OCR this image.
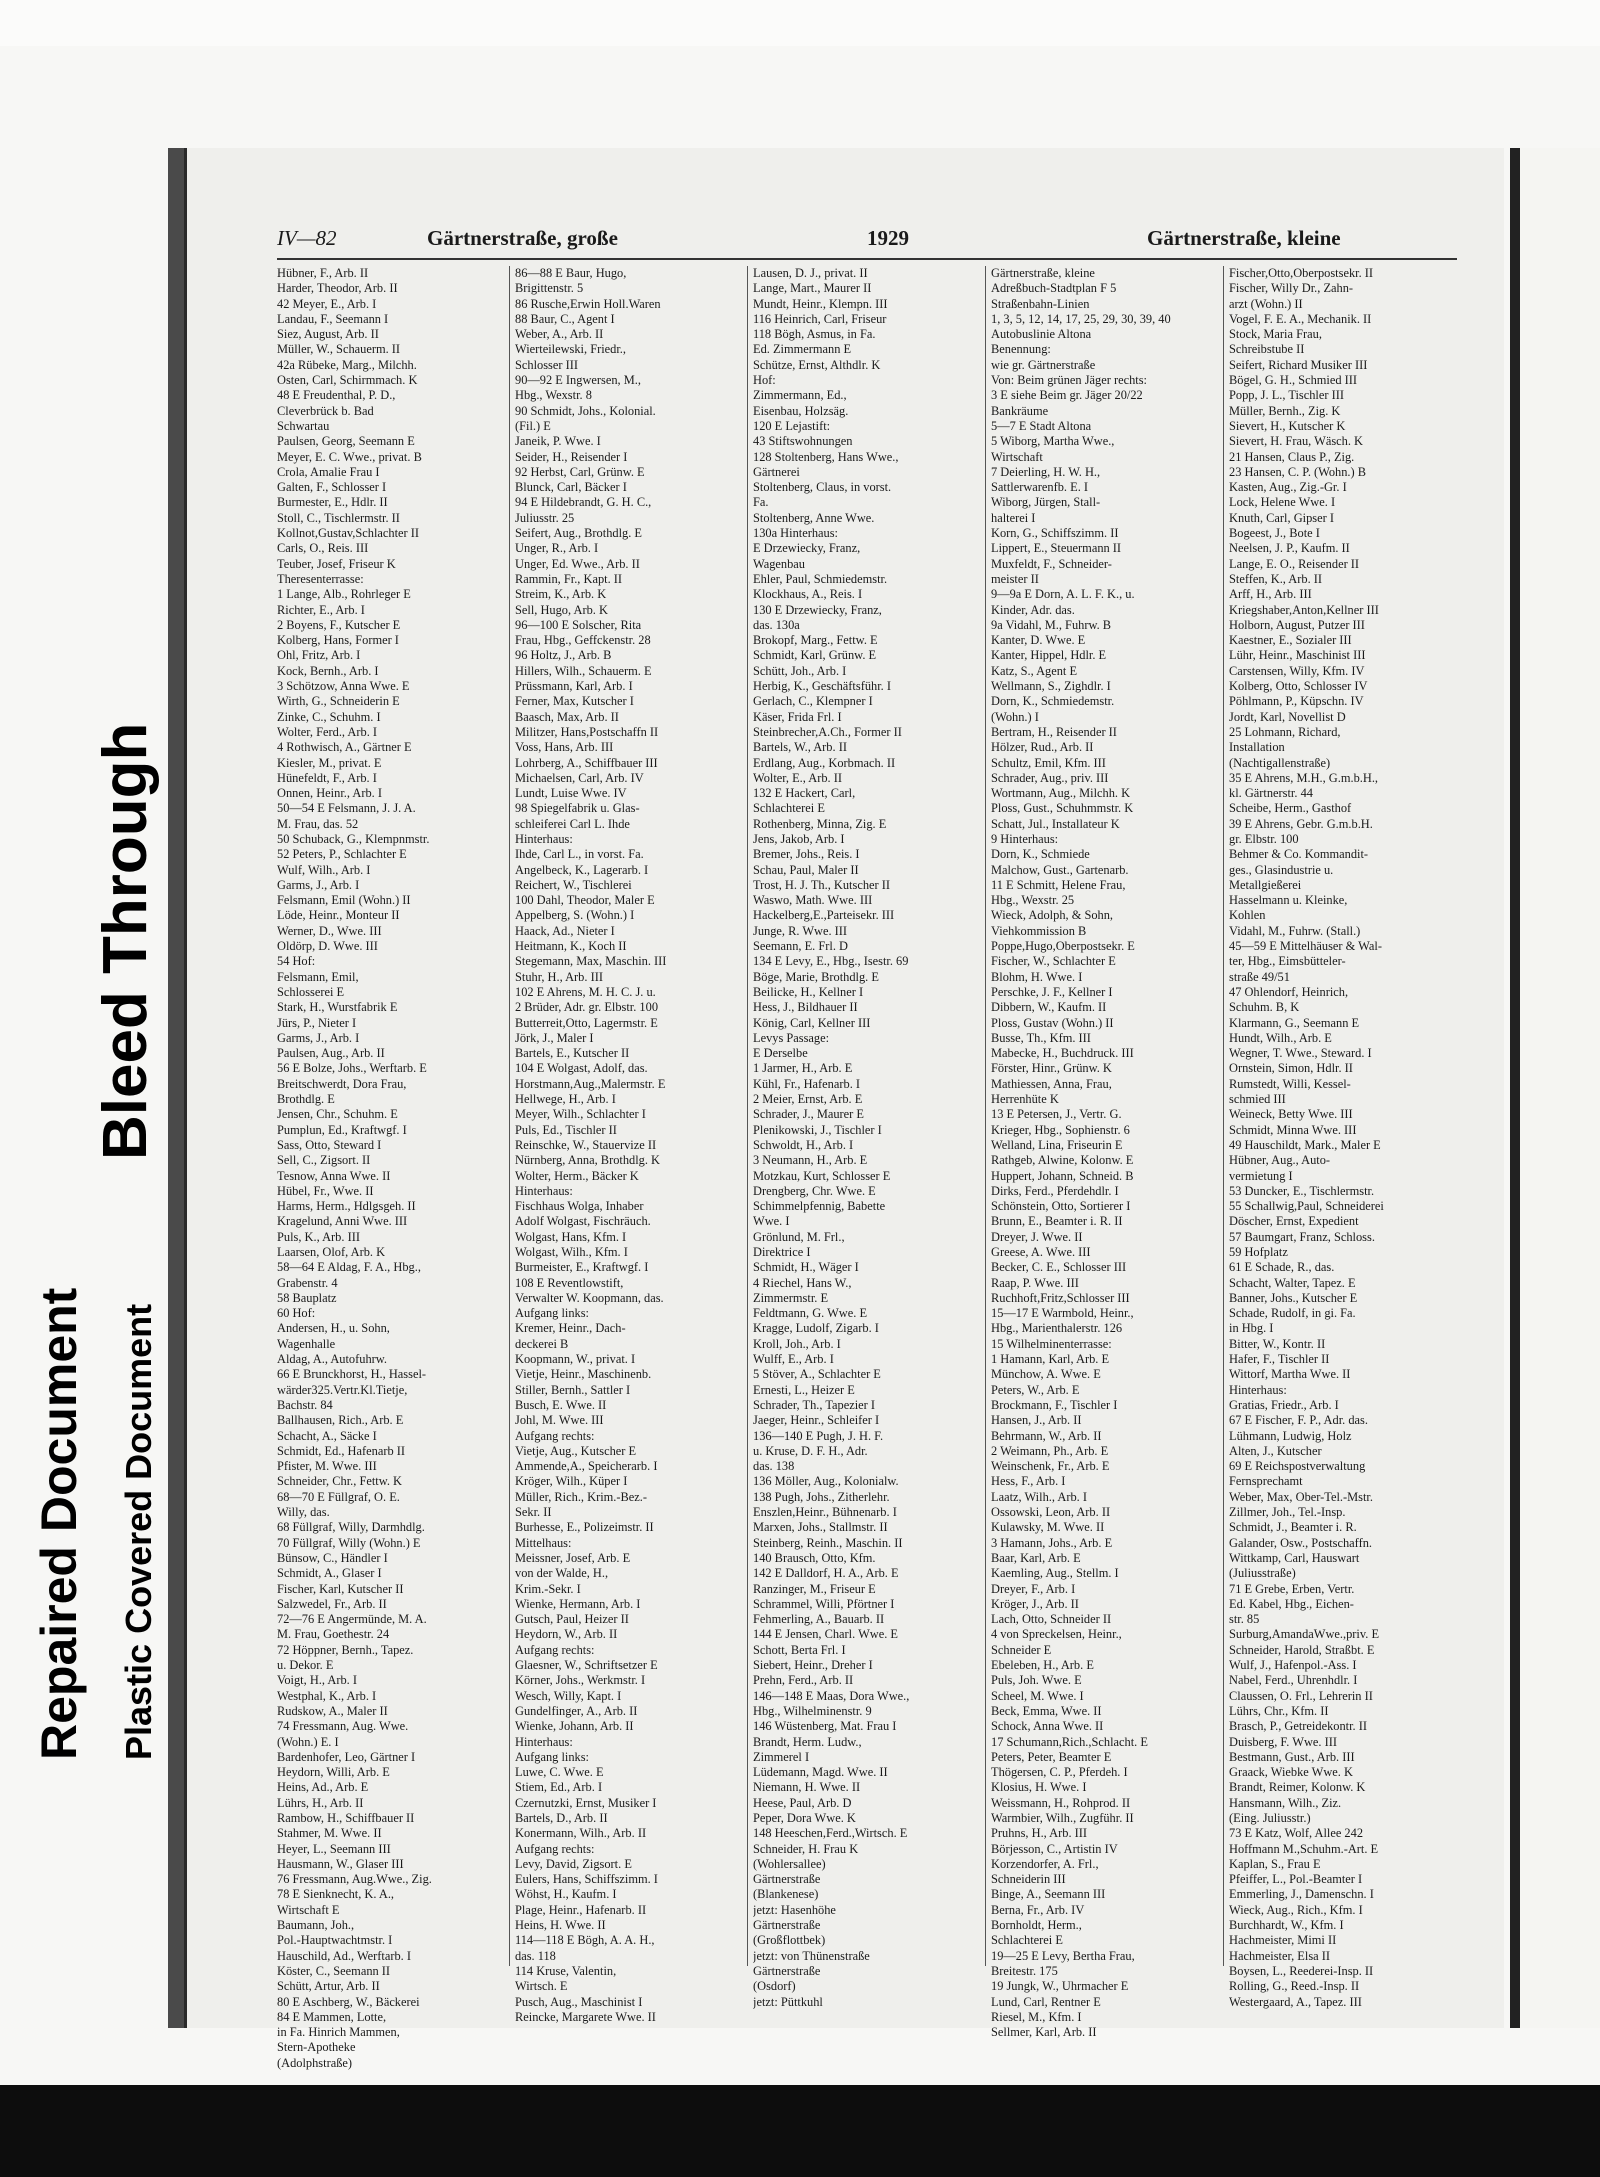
Repaired Document Plastic Covered Document
Bleed Through
IV—82	Gärtnerstraße, große	1929	Gärtnerstraße, kleine
Hübner, F., Arb. II
Harder, Theodor, Arb. II
42 Meyer, E., Arb. I
Landau, F., Seemann I
Siez, August, Arb. II
Müller, W., Schauerm. II
42a Rübeke, Marg., Milchh.
Osten, Carl, Schirmmach. K
48 E Freudenthal, P. D.,
Cleverbrück b. Bad
Schwartau
Paulsen, Georg, Seemann E
Meyer, E. C. Wwe., privat. B
Crola, Amalie Frau I
Galten, F., Schlosser I
Burmester, E., Hdlr. II
Stoll, C., Tischlermstr. II
Kollnot,Gustav,Schlachter II
Carls, O., Reis. III
Teuber, Josef, Friseur K
Theresenterrasse:
1 Lange, Alb., Rohrleger E
Richter, E., Arb. I
2 Boyens, F., Kutscher E
Kolberg, Hans, Former I
Ohl, Fritz, Arb. I
Kock, Bernh., Arb. I
3 Schötzow, Anna Wwe. E
Wirth, G., Schneiderin E
Zinke, C., Schuhm. I
Wolter, Ferd., Arb. I
4 Rothwisch, A., Gärtner E
Kiesler, M., privat. E
Hünefeldt, F., Arb. I
Onnen, Heinr., Arb. I
50—54 E Felsmann, J. J. A.
M. Frau, das. 52
50 Schuback, G., Klempnmstr.
52 Peters, P., Schlachter E
Wulf, Wilh., Arb. I
Garms, J., Arb. I
Felsmann, Emil (Wohn.) II
Löde, Heinr., Monteur II
Werner, D., Wwe. III
Oldörp, D. Wwe. III
54 Hof:
Felsmann, Emil,
Schlosserei E
Stark, H., Wurstfabrik E
Jürs, P., Nieter I
Garms, J., Arb. I
Paulsen, Aug., Arb. II
56 E Bolze, Johs., Werftarb. E
Breitschwerdt, Dora Frau,
Brothdlg. E
Jensen, Chr., Schuhm. E
Pumplun, Ed., Kraftwgf. I
Sass, Otto, Steward I
Sell, C., Zigsort. II
Tesnow, Anna Wwe. II
Hübel, Fr., Wwe. II
Harms, Herm., Hdlgsgeh. II
Kragelund, Anni Wwe. III
Puls, K., Arb. III
Laarsen, Olof, Arb. K
58—64 E Aldag, F. A., Hbg.,
Grabenstr. 4
58 Bauplatz
60 Hof:
Andersen, H., u. Sohn,
Wagenhalle
Aldag, A., Autofuhrw.
66 E Brunckhorst, H., Hassel-
wärder325.Vertr.Kl.Tietje,
Bachstr. 84
Ballhausen, Rich., Arb. E
Schacht, A., Säcke I
Schmidt, Ed., Hafenarb II
Pfister, M. Wwe. III
Schneider, Chr., Fettw. K
68—70 E Füllgraf, O. E.
Willy, das.
68 Füllgraf, Willy, Darmhdlg.
70 Füllgraf, Willy (Wohn.) E
Bünsow, C., Händler I
Schmidt, A., Glaser I
Fischer, Karl, Kutscher II
Salzwedel, Fr., Arb. II
72—76 E Angermünde, M. A.
M. Frau, Goethestr. 24
72 Höppner, Bernh., Tapez.
u. Dekor. E
Voigt, H., Arb. I
Westphal, K., Arb. I
Rudskow, A., Maler II
74 Fressmann, Aug. Wwe.
(Wohn.) E. I
Bardenhofer, Leo, Gärtner I
Heydorn, Willi, Arb. E
Heins, Ad., Arb. E
Lührs, H., Arb. II
Rambow, H., Schiffbauer II
Stahmer, M. Wwe. II
Heyer, L., Seemann III
Hausmann, W., Glaser III
76 Fressmann, Aug.Wwe., Zig.
78 E Sienknecht, K. A.,
Wirtschaft E
Baumann, Joh.,
Pol.-Hauptwachtmstr. I
Hauschild, Ad., Werftarb. I
Köster, C., Seemann II
Schütt, Artur, Arb. II
80 E Aschberg, W., Bäckerei
84 E Mammen, Lotte,
in Fa. Hinrich Mammen,
Stern-Apotheke
(Adolphstraße)
86—88 E Baur, Hugo,
Brigittenstr. 5
86 Rusche,Erwin Holl.Waren
88 Baur, C., Agent I
Weber, A., Arb. II
Wierteilewski, Friedr.,
Schlosser III
90—92 E Ingwersen, M.,
Hbg., Wexstr. 8
90 Schmidt, Johs., Kolonial.
(Fil.) E
Janeik, P. Wwe. I
Seider, H., Reisender I
92 Herbst, Carl, Grünw. E
Blunck, Carl, Bäcker I
94 E Hildebrandt, G. H. C.,
Juliusstr. 25
Seifert, Aug., Brothdlg. E
Unger, R., Arb. I
Unger, Ed. Wwe., Arb. II
Rammin, Fr., Kapt. II
Streim, K., Arb. K
Sell, Hugo, Arb. K
96—100 E Solscher, Rita
Frau, Hbg., Geffckenstr. 28
96 Holtz, J., Arb. B
Hillers, Wilh., Schauerm. E
Prüssmann, Karl, Arb. I
Ferner, Max, Kutscher I
Baasch, Max, Arb. II
Militzer, Hans,Postschaffn II
Voss, Hans, Arb. III
Lohrberg, A., Schiffbauer III
Michaelsen, Carl, Arb. IV
Lundt, Luise Wwe. IV
98 Spiegelfabrik u. Glas-
schleiferei Carl L. Ihde
Hinterhaus:
Ihde, Carl L., in vorst. Fa.
Angelbeck, K., Lagerarb. I
Reichert, W., Tischlerei
100 Dahl, Theodor, Maler E
Appelberg, S. (Wohn.) I
Haack, Ad., Nieter I
Heitmann, K., Koch II
Stegemann, Max, Maschin. III
Stuhr, H., Arb. III
102 E Ahrens, M. H. C. J. u.
2 Brüder, Adr. gr. Elbstr. 100
Butterreit,Otto, Lagermstr. E
Jörk, J., Maler I
Bartels, E., Kutscher II
104 E Wolgast, Adolf, das.
Horstmann,Aug.,Malermstr. E
Hellwege, H., Arb. I
Meyer, Wilh., Schlachter I
Puls, Ed., Tischler II
Reinschke, W., Stauervize II
Nürnberg, Anna, Brothdlg. K
Wolter, Herm., Bäcker K
Hinterhaus:
Fischhaus Wolga, Inhaber
Adolf Wolgast, Fischräuch.
Wolgast, Hans, Kfm. I
Wolgast, Wilh., Kfm. I
Burmeister, E., Kraftwgf. I
108 E Reventlowstift,
Verwalter W. Koopmann, das.
Aufgang links:
Kremer, Heinr., Dach-
deckerei B
Koopmann, W., privat. I
Vietje, Heinr., Maschinenb.
Stiller, Bernh., Sattler I
Busch, E. Wwe. II
Johl, M. Wwe. III
Aufgang rechts:
Vietje, Aug., Kutscher E
Ammende,A., Speicherarb. I
Kröger, Wilh., Küper I
Müller, Rich., Krim.-Bez.-
Sekr. II
Burhesse, E., Polizeimstr. II
Mittelhaus:
Meissner, Josef, Arb. E
von der Walde, H.,
Krim.-Sekr. I
Wienke, Hermann, Arb. I
Gutsch, Paul, Heizer II
Heydorn, W., Arb. II
Aufgang rechts:
Glaesner, W., Schriftsetzer E
Körner, Johs., Werkmstr. I
Wesch, Willy, Kapt. I
Gundelfinger, A., Arb. II
Wienke, Johann, Arb. II
Hinterhaus:
Aufgang links:
Luwe, C. Wwe. E
Stiem, Ed., Arb. I
Czernutzki, Ernst, Musiker I
Bartels, D., Arb. II
Konermann, Wilh., Arb. II
Aufgang rechts:
Levy, David, Zigsort. E
Eulers, Hans, Schiffszimm. I
Wöhst, H., Kaufm. I
Plage, Heinr., Hafenarb. II
Heins, H. Wwe. II
114—118 E Bögh, A. A. H.,
das. 118
114 Kruse, Valentin,
Wirtsch. E
Pusch, Aug., Maschinist I
Reincke, Margarete Wwe. II
Lausen, D. J., privat. II
Lange, Mart., Maurer II
Mundt, Heinr., Klempn. III
116 Heinrich, Carl, Friseur
118 Bögh, Asmus, in Fa.
Ed. Zimmermann E
Schütze, Ernst, Althdlr. K
Hof:
Zimmermann, Ed.,
Eisenbau, Holzsäg.
120 E Lejastift:
43 Stiftswohnungen
128 Stoltenberg, Hans Wwe.,
Gärtnerei
Stoltenberg, Claus, in vorst.
Fa.
Stoltenberg, Anne Wwe.
130a Hinterhaus:
E Drzewiecky, Franz,
Wagenbau
Ehler, Paul, Schmiedemstr.
Klockhaus, A., Reis. I
130 E Drzewiecky, Franz,
das. 130a
Brokopf, Marg., Fettw. E
Schmidt, Karl, Grünw. E
Schütt, Joh., Arb. I
Herbig, K., Geschäftsführ. I
Gerlach, C., Klempner I
Käser, Frida Frl. I
Steinbrecher,A.Ch., Former II
Bartels, W., Arb. II
Erdlang, Aug., Korbmach. II
Wolter, E., Arb. II
132 E Hackert, Carl,
Schlachterei E
Rothenberg, Minna, Zig. E
Jens, Jakob, Arb. I
Bremer, Johs., Reis. I
Schau, Paul, Maler II
Trost, H. J. Th., Kutscher II
Waswo, Math. Wwe. III
Hackelberg,E.,Parteisekr. III
Junge, R. Wwe. III
Seemann, E. Frl. D
134 E Levy, E., Hbg., Isestr. 69
Böge, Marie, Brothdlg. E
Beilicke, H., Kellner I
Hess, J., Bildhauer II
König, Carl, Kellner III
Levys Passage:
E Derselbe
1 Jarmer, H., Arb. E
Kühl, Fr., Hafenarb. I
2 Meier, Ernst, Arb. E
Schrader, J., Maurer E
Plenikowski, J., Tischler I
Schwoldt, H., Arb. I
3 Neumann, H., Arb. E
Motzkau, Kurt, Schlosser E
Drengberg, Chr. Wwe. E
Schimmelpfennig, Babette
Wwe. I
Grönlund, M. Frl.,
Direktrice I
Schmidt, H., Wäger I
4 Riechel, Hans W.,
Zimmermstr. E
Feldtmann, G. Wwe. E
Kragge, Ludolf, Zigarb. I
Kroll, Joh., Arb. I
Wulff, E., Arb. I
5 Stöver, A., Schlachter E
Ernesti, L., Heizer E
Schrader, Th., Tapezier I
Jaeger, Heinr., Schleifer I
136—140 E Pugh, J. H. F.
u. Kruse, D. F. H., Adr.
das. 138
136 Möller, Aug., Kolonialw.
138 Pugh, Johs., Zitherlehr.
Enszlen,Heinr., Bühnenarb. I
Marxen, Johs., Stallmstr. II
Steinberg, Reinh., Maschin. II
140 Brausch, Otto, Kfm.
142 E Dalldorf, H. A., Arb. E
Ranzinger, M., Friseur E
Schrammel, Willi, Pförtner I
Fehmerling, A., Bauarb. II
144 E Jensen, Charl. Wwe. E
Schott, Berta Frl. I
Siebert, Heinr., Dreher I
Prehn, Ferd., Arb. II
146—148 E Maas, Dora Wwe.,
Hbg., Wilhelminenstr. 9
146 Wüstenberg, Mat. Frau I
Brandt, Herm. Ludw.,
Zimmerel I
Lüdemann, Magd. Wwe. II
Niemann, H. Wwe. II
Heese, Paul, Arb. D
Peper, Dora Wwe. K
148 Heeschen,Ferd.,Wirtsch. E
Schneider, H. Frau K
(Wohlersallee)
Gärtnerstraße
(Blankenese)
jetzt: Hasenhöhe
Gärtnerstraße
(Großflottbek)
jetzt: von Thünenstraße
Gärtnerstraße
(Osdorf)
jetzt: Püttkuhl
Gärtnerstraße, kleine
Adreßbuch-Stadtplan F 5
Straßenbahn-Linien
1, 3, 5, 12, 14, 17, 25, 29, 30, 39, 40
Autobuslinie Altona
Benennung:
wie gr. Gärtnerstraße
Von: Beim grünen Jäger rechts:
3 E siehe Beim gr. Jäger 20/22
Bankräume
5—7 E Stadt Altona
5 Wiborg, Martha Wwe.,
Wirtschaft
7 Deierling, H. W. H.,
Sattlerwarenfb. E. I
Wiborg, Jürgen, Stall-
halterei I
Korn, G., Schiffszimm. II
Lippert, E., Steuermann II
Muxfeldt, F., Schneider-
meister II
9—9a E Dorn, A. L. F. K., u.
Kinder, Adr. das.
9a Vidahl, M., Fuhrw. B
Kanter, D. Wwe. E
Kanter, Hippel, Hdlr. E
Katz, S., Agent E
Wellmann, S., Zighdlr. I
Dorn, K., Schmiedemstr.
(Wohn.) I
Bertram, H., Reisender II
Hölzer, Rud., Arb. II
Schultz, Emil, Kfm. III
Schrader, Aug., priv. III
Wortmann, Aug., Milchh. K
Ploss, Gust., Schuhmmstr. K
Schatt, Jul., Installateur K
9 Hinterhaus:
Dorn, K., Schmiede
Malchow, Gust., Gartenarb.
11 E Schmitt, Helene Frau,
Hbg., Wexstr. 25
Wieck, Adolph, & Sohn,
Viehkommission B
Poppe,Hugo,Oberpostsekr. E
Fischer, W., Schlachter E
Blohm, H. Wwe. I
Perschke, J. F., Kellner I
Dibbern, W., Kaufm. II
Ploss, Gustav (Wohn.) II
Busse, Th., Kfm. III
Mabecke, H., Buchdruck. III
Förster, Hinr., Grünw. K
Mathiessen, Anna, Frau,
Herrenhüte K
13 E Petersen, J., Vertr. G.
Krieger, Hbg., Sophienstr. 6
Welland, Lina, Friseurin E
Rathgeb, Alwine, Kolonw. E
Huppert, Johann, Schneid. B
Dirks, Ferd., Pferdehdlr. I
Schönstein, Otto, Sortierer I
Brunn, E., Beamter i. R. II
Dreyer, J. Wwe. II
Greese, A. Wwe. III
Becker, C. E., Schlosser III
Raap, P. Wwe. III
Ruchhoft,Fritz,Schlosser III
15—17 E Warmbold, Heinr.,
Hbg., Marienthalerstr. 126
15 Wilhelminenterrasse:
1 Hamann, Karl, Arb. E
Münchow, A. Wwe. E
Peters, W., Arb. E
Brockmann, F., Tischler I
Hansen, J., Arb. II
Behrmann, W., Arb. II
2 Weimann, Ph., Arb. E
Weinschenk, Fr., Arb. E
Hess, F., Arb. I
Laatz, Wilh., Arb. I
Ossowski, Leon, Arb. II
Kulawsky, M. Wwe. II
3 Hamann, Johs., Arb. E
Baar, Karl, Arb. E
Kaemling, Aug., Stellm. I
Dreyer, F., Arb. I
Kröger, J., Arb. II
Lach, Otto, Schneider II
4 von Spreckelsen, Heinr.,
Schneider E
Ebeleben, H., Arb. E
Puls, Joh. Wwe. E
Scheel, M. Wwe. I
Beck, Emma, Wwe. II
Schock, Anna Wwe. II
17 Schumann,Rich.,Schlacht. E
Peters, Peter, Beamter E
Thögersen, C. P., Pferdeh. I
Klosius, H. Wwe. I
Weissmann, H., Rohprod. II
Warmbier, Wilh., Zugführ. II
Pruhns, H., Arb. III
Börjesson, C., Artistin IV
Korzendorfer, A. Frl.,
Schneiderin III
Binge, A., Seemann III
Berna, Fr., Arb. IV
Bornholdt, Herm.,
Schlachterei E
19—25 E Levy, Bertha Frau,
Breitestr. 175
19 Jungk, W., Uhrmacher E
Lund, Carl, Rentner E
Riesel, M., Kfm. I
Sellmer, Karl, Arb. II
Fischer,Otto,Oberpostsekr. II
Fischer, Willy Dr., Zahn-
arzt (Wohn.) II
Vogel, F. E. A., Mechanik. II
Stock, Maria Frau,
Schreibstube II
Seifert, Richard Musiker III
Bögel, G. H., Schmied III
Popp, J. L., Tischler III
Müller, Bernh., Zig. K
Sievert, H., Kutscher K
Sievert, H. Frau, Wäsch. K
21 Hansen, Claus P., Zig.
23 Hansen, C. P. (Wohn.) B
Kasten, Aug., Zig.-Gr. I
Lock, Helene Wwe. I
Knuth, Carl, Gipser I
Bogeest, J., Bote I
Neelsen, J. P., Kaufm. II
Lange, E. O., Reisender II
Steffen, K., Arb. II
Arff, H., Arb. III
Kriegshaber,Anton,Kellner III
Holborn, August, Putzer III
Kaestner, E., Sozialer III
Lühr, Heinr., Maschinist III
Carstensen, Willy, Kfm. IV
Kolberg, Otto, Schlosser IV
Pöhlmann, P., Küpschn. IV
Jordt, Karl, Novellist D
25 Lohmann, Richard,
Installation
(Nachtigallenstraße)
35 E Ahrens, M.H., G.m.b.H.,
kl. Gärtnerstr. 44
Scheibe, Herm., Gasthof
39 E Ahrens, Gebr. G.m.b.H.
gr. Elbstr. 100
Behmer & Co. Kommandit-
ges., Glasindustrie u.
Metallgießerei
Hasselmann u. Kleinke,
Kohlen
Vidahl, M., Fuhrw. (Stall.)
45—59 E Mittelhäuser & Wal-
ter, Hbg., Eimsbütteler-
straße 49/51
47 Ohlendorf, Heinrich,
Schuhm. B, K
Klarmann, G., Seemann E
Hundt, Wilh., Arb. E
Wegner, T. Wwe., Steward. I
Ornstein, Simon, Hdlr. II
Rumstedt, Willi, Kessel-
schmied III
Weineck, Betty Wwe. III
Schmidt, Minna Wwe. III
49 Hauschildt, Mark., Maler E
Hübner, Aug., Auto-
vermietung I
53 Duncker, E., Tischlermstr.
55 Schallwig,Paul, Schneiderei
Döscher, Ernst, Expedient
57 Baumgart, Franz, Schloss.
59 Hofplatz
61 E Schade, R., das.
Schacht, Walter, Tapez. E
Banner, Johs., Kutscher E
Schade, Rudolf, in gi. Fa.
in Hbg. I
Bitter, W., Kontr. II
Hafer, F., Tischler II
Wittorf, Martha Wwe. II
Hinterhaus:
Gratias, Friedr., Arb. I
67 E Fischer, F. P., Adr. das.
Lühmann, Ludwig, Holz
Alten, J., Kutscher
69 E Reichspostverwaltung
Fernsprechamt
Weber, Max, Ober-Tel.-Mstr.
Zillmer, Joh., Tel.-Insp.
Schmidt, J., Beamter i. R.
Galander, Osw., Postschaffn.
Wittkamp, Carl, Hauswart
(Juliusstraße)
71 E Grebe, Erben, Vertr.
Ed. Kabel, Hbg., Eichen-
str. 85
Surburg,AmandaWwe.,priv. E
Schneider, Harold, Straßbt. E
Wulf, J., Hafenpol.-Ass. I
Nabel, Ferd., Uhrenhdlr. I
Claussen, O. Frl., Lehrerin II
Lührs, Chr., Kfm. II
Brasch, P., Getreidekontr. II
Duisberg, F. Wwe. III
Bestmann, Gust., Arb. III
Graack, Wiebke Wwe. K
Brandt, Reimer, Kolonw. K
Hansmann, Wilh., Ziz.
(Eing. Juliusstr.)
73 E Katz, Wolf, Allee 242
Hoffmann M.,Schuhm.-Art. E
Kaplan, S., Frau E
Pfeiffer, L., Pol.-Beamter I
Emmerling, J., Damenschn. I
Wieck, Aug., Rich., Kfm. I
Burchhardt, W., Kfm. I
Hachmeister, Mimi II
Hachmeister, Elsa II
Boysen, L., Reederei-Insp. II
Rolling, G., Reed.-Insp. II
Westergaard, A., Tapez. III
